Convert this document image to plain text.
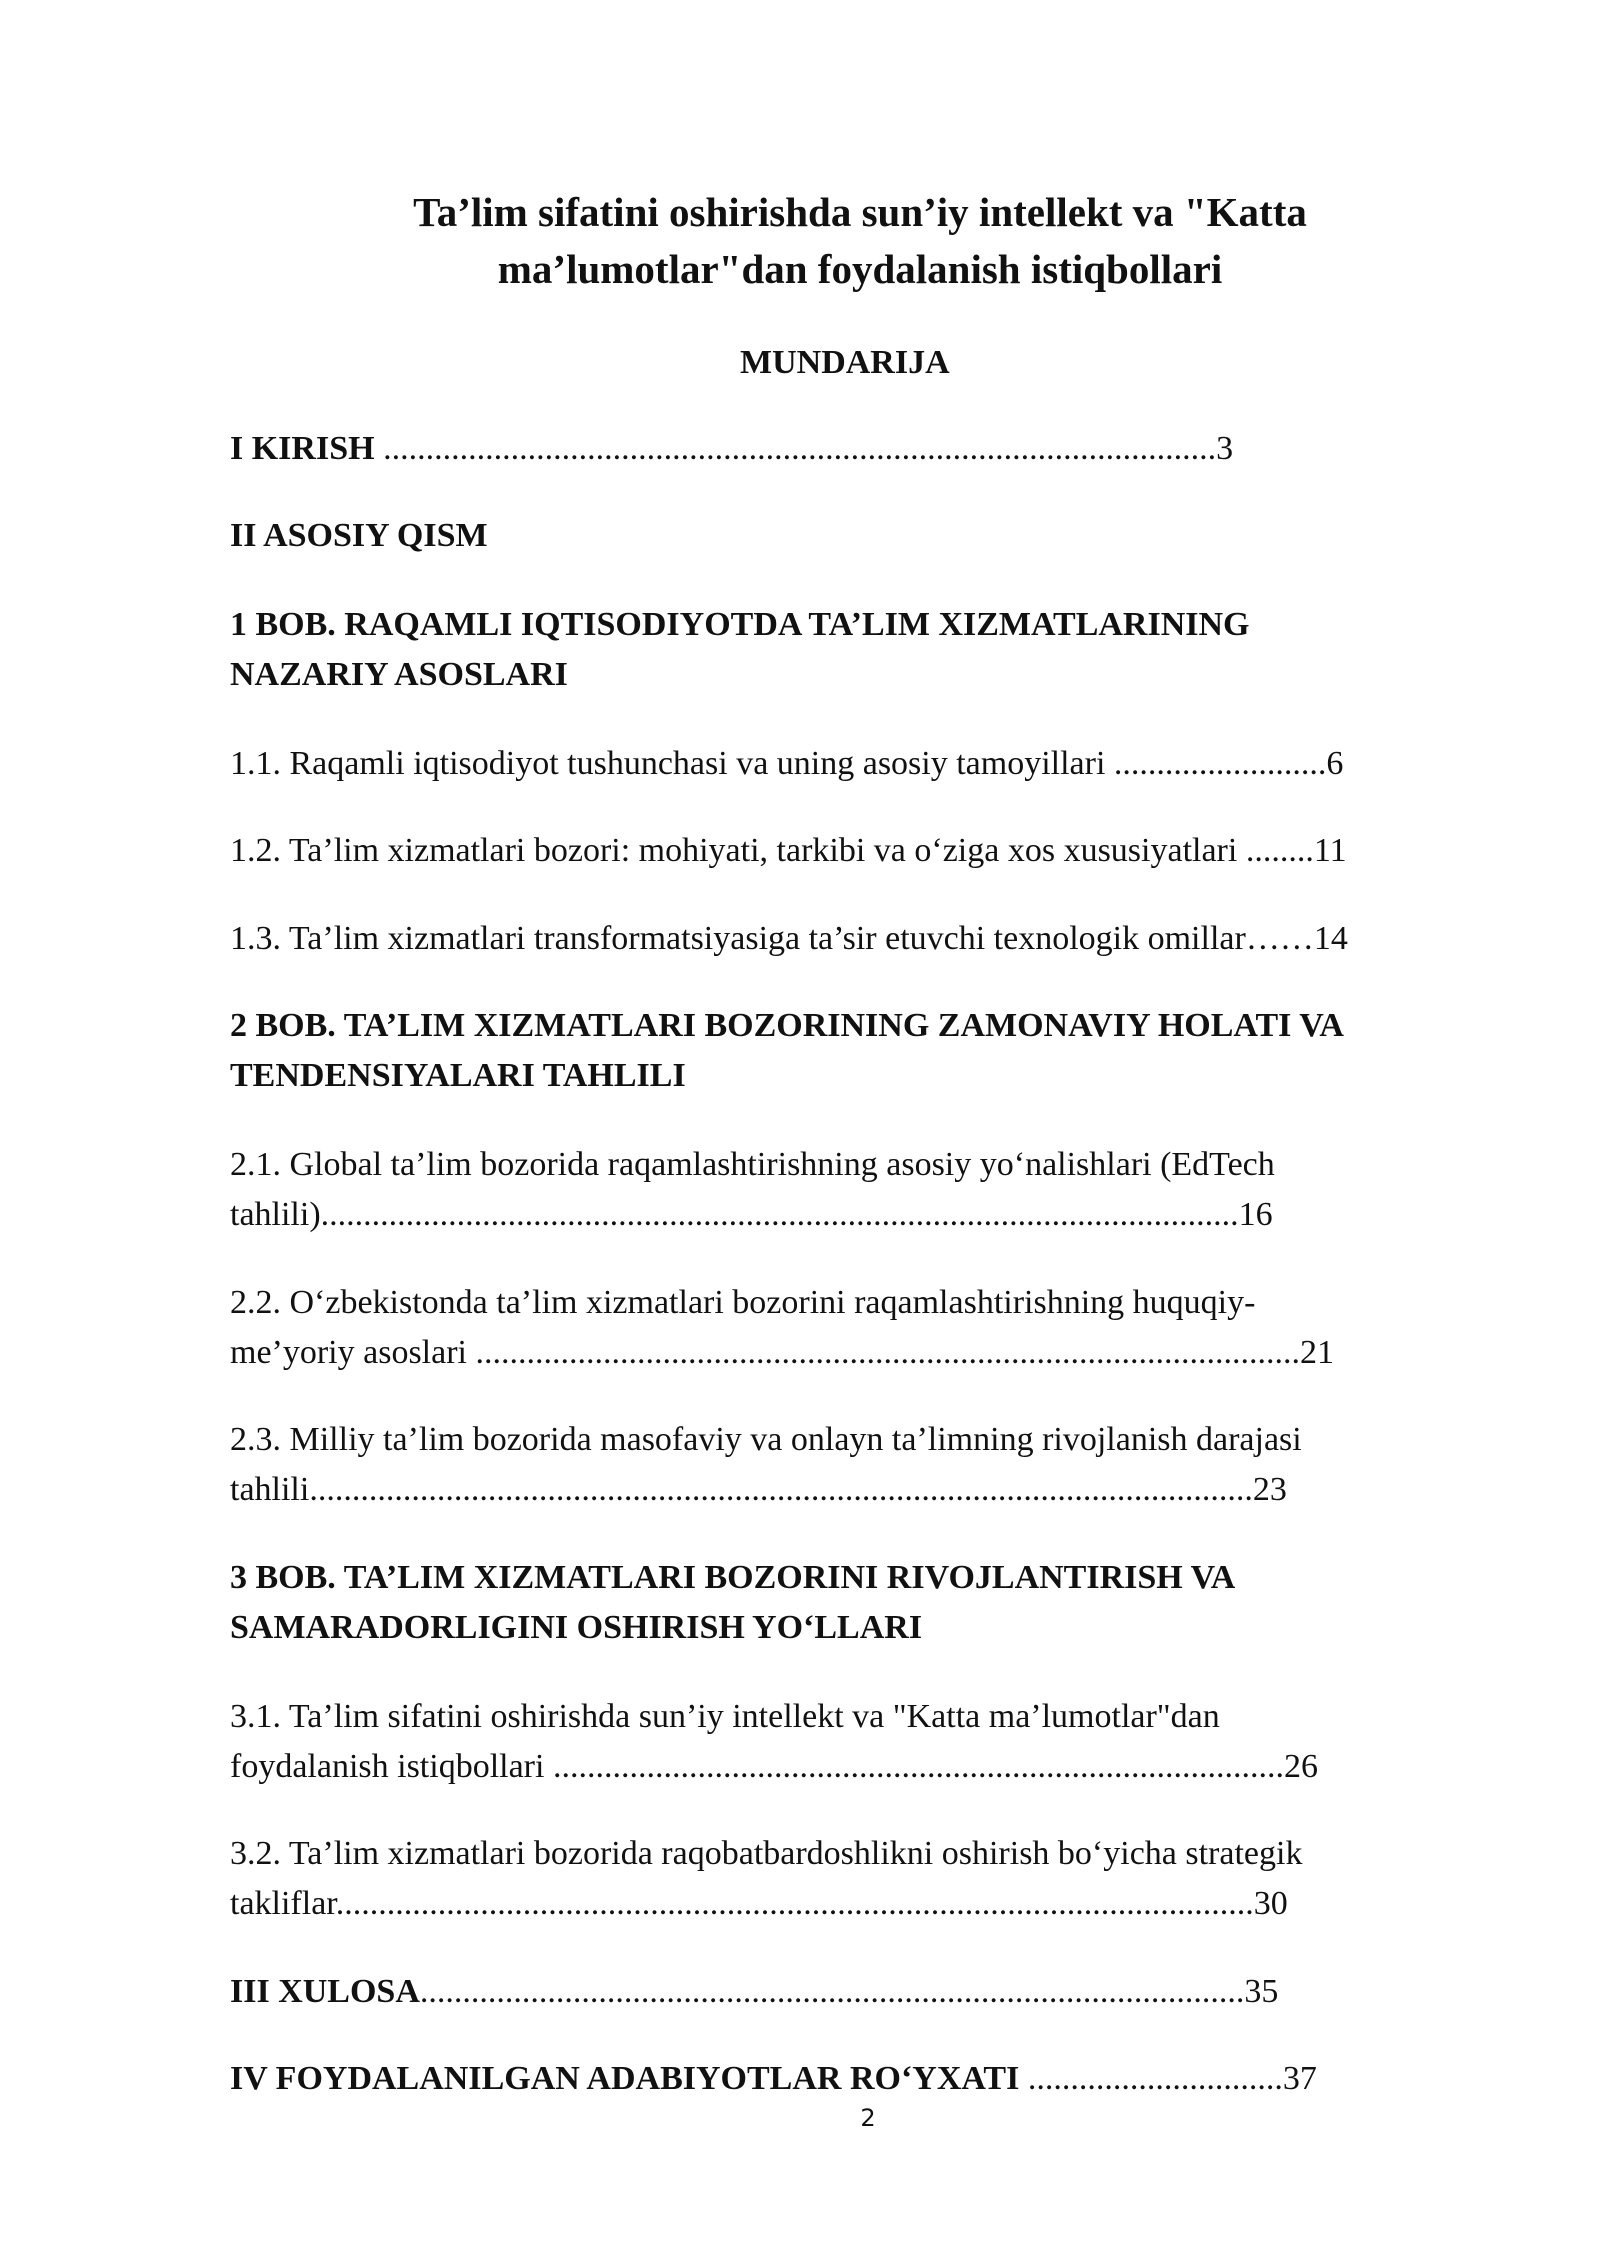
Ta’lim sifatini oshirishda sun’iy intellekt va "Katta
ma’lumotlar"dan foydalanish istiqbollari
MUNDARIJA
I KIRISH ..................................................................................................3
II ASOSIY QISM
1 BOB. RAQAMLI IQTISODIYOTDA TA’LIM XIZMATLARINING
NAZARIY ASOSLARI
1.1. Raqamli iqtisodiyot tushunchasi va uning asosiy tamoyillari .........................6
1.2. Ta’lim xizmatlari bozori: mohiyati, tarkibi va o‘ziga xos xususiyatlari ........11
1.3. Ta’lim xizmatlari transformatsiyasiga ta’sir etuvchi texnologik omillar……14
2 BOB. TA’LIM XIZMATLARI BOZORINING ZAMONAVIY HOLATI VA
TENDENSIYALARI TAHLILI
2.1. Global ta’lim bozorida raqamlashtirishning asosiy yo‘nalishlari (EdTech
tahlili)............................................................................................................16
2.2. O‘zbekistonda ta’lim xizmatlari bozorini raqamlashtirishning huquqiy-
me’yoriy asoslari .................................................................................................21
2.3. Milliy ta’lim bozorida masofaviy va onlayn ta’limning rivojlanish darajasi
tahlili...............................................................................................................23
3 BOB. TA’LIM XIZMATLARI BOZORINI RIVOJLANTIRISH VA
SAMARADORLIGINI OSHIRISH YO‘LLARI
3.1. Ta’lim sifatini oshirishda sun’iy intellekt va "Katta ma’lumotlar"dan
foydalanish istiqbollari ......................................................................................26
3.2. Ta’lim xizmatlari bozorida raqobatbardoshlikni oshirish bo‘yicha strategik
takliflar............................................................................................................30
III XULOSA.................................................................................................35
IV FOYDALANILGAN ADABIYOTLAR RO‘YXATI ..............................37
2
